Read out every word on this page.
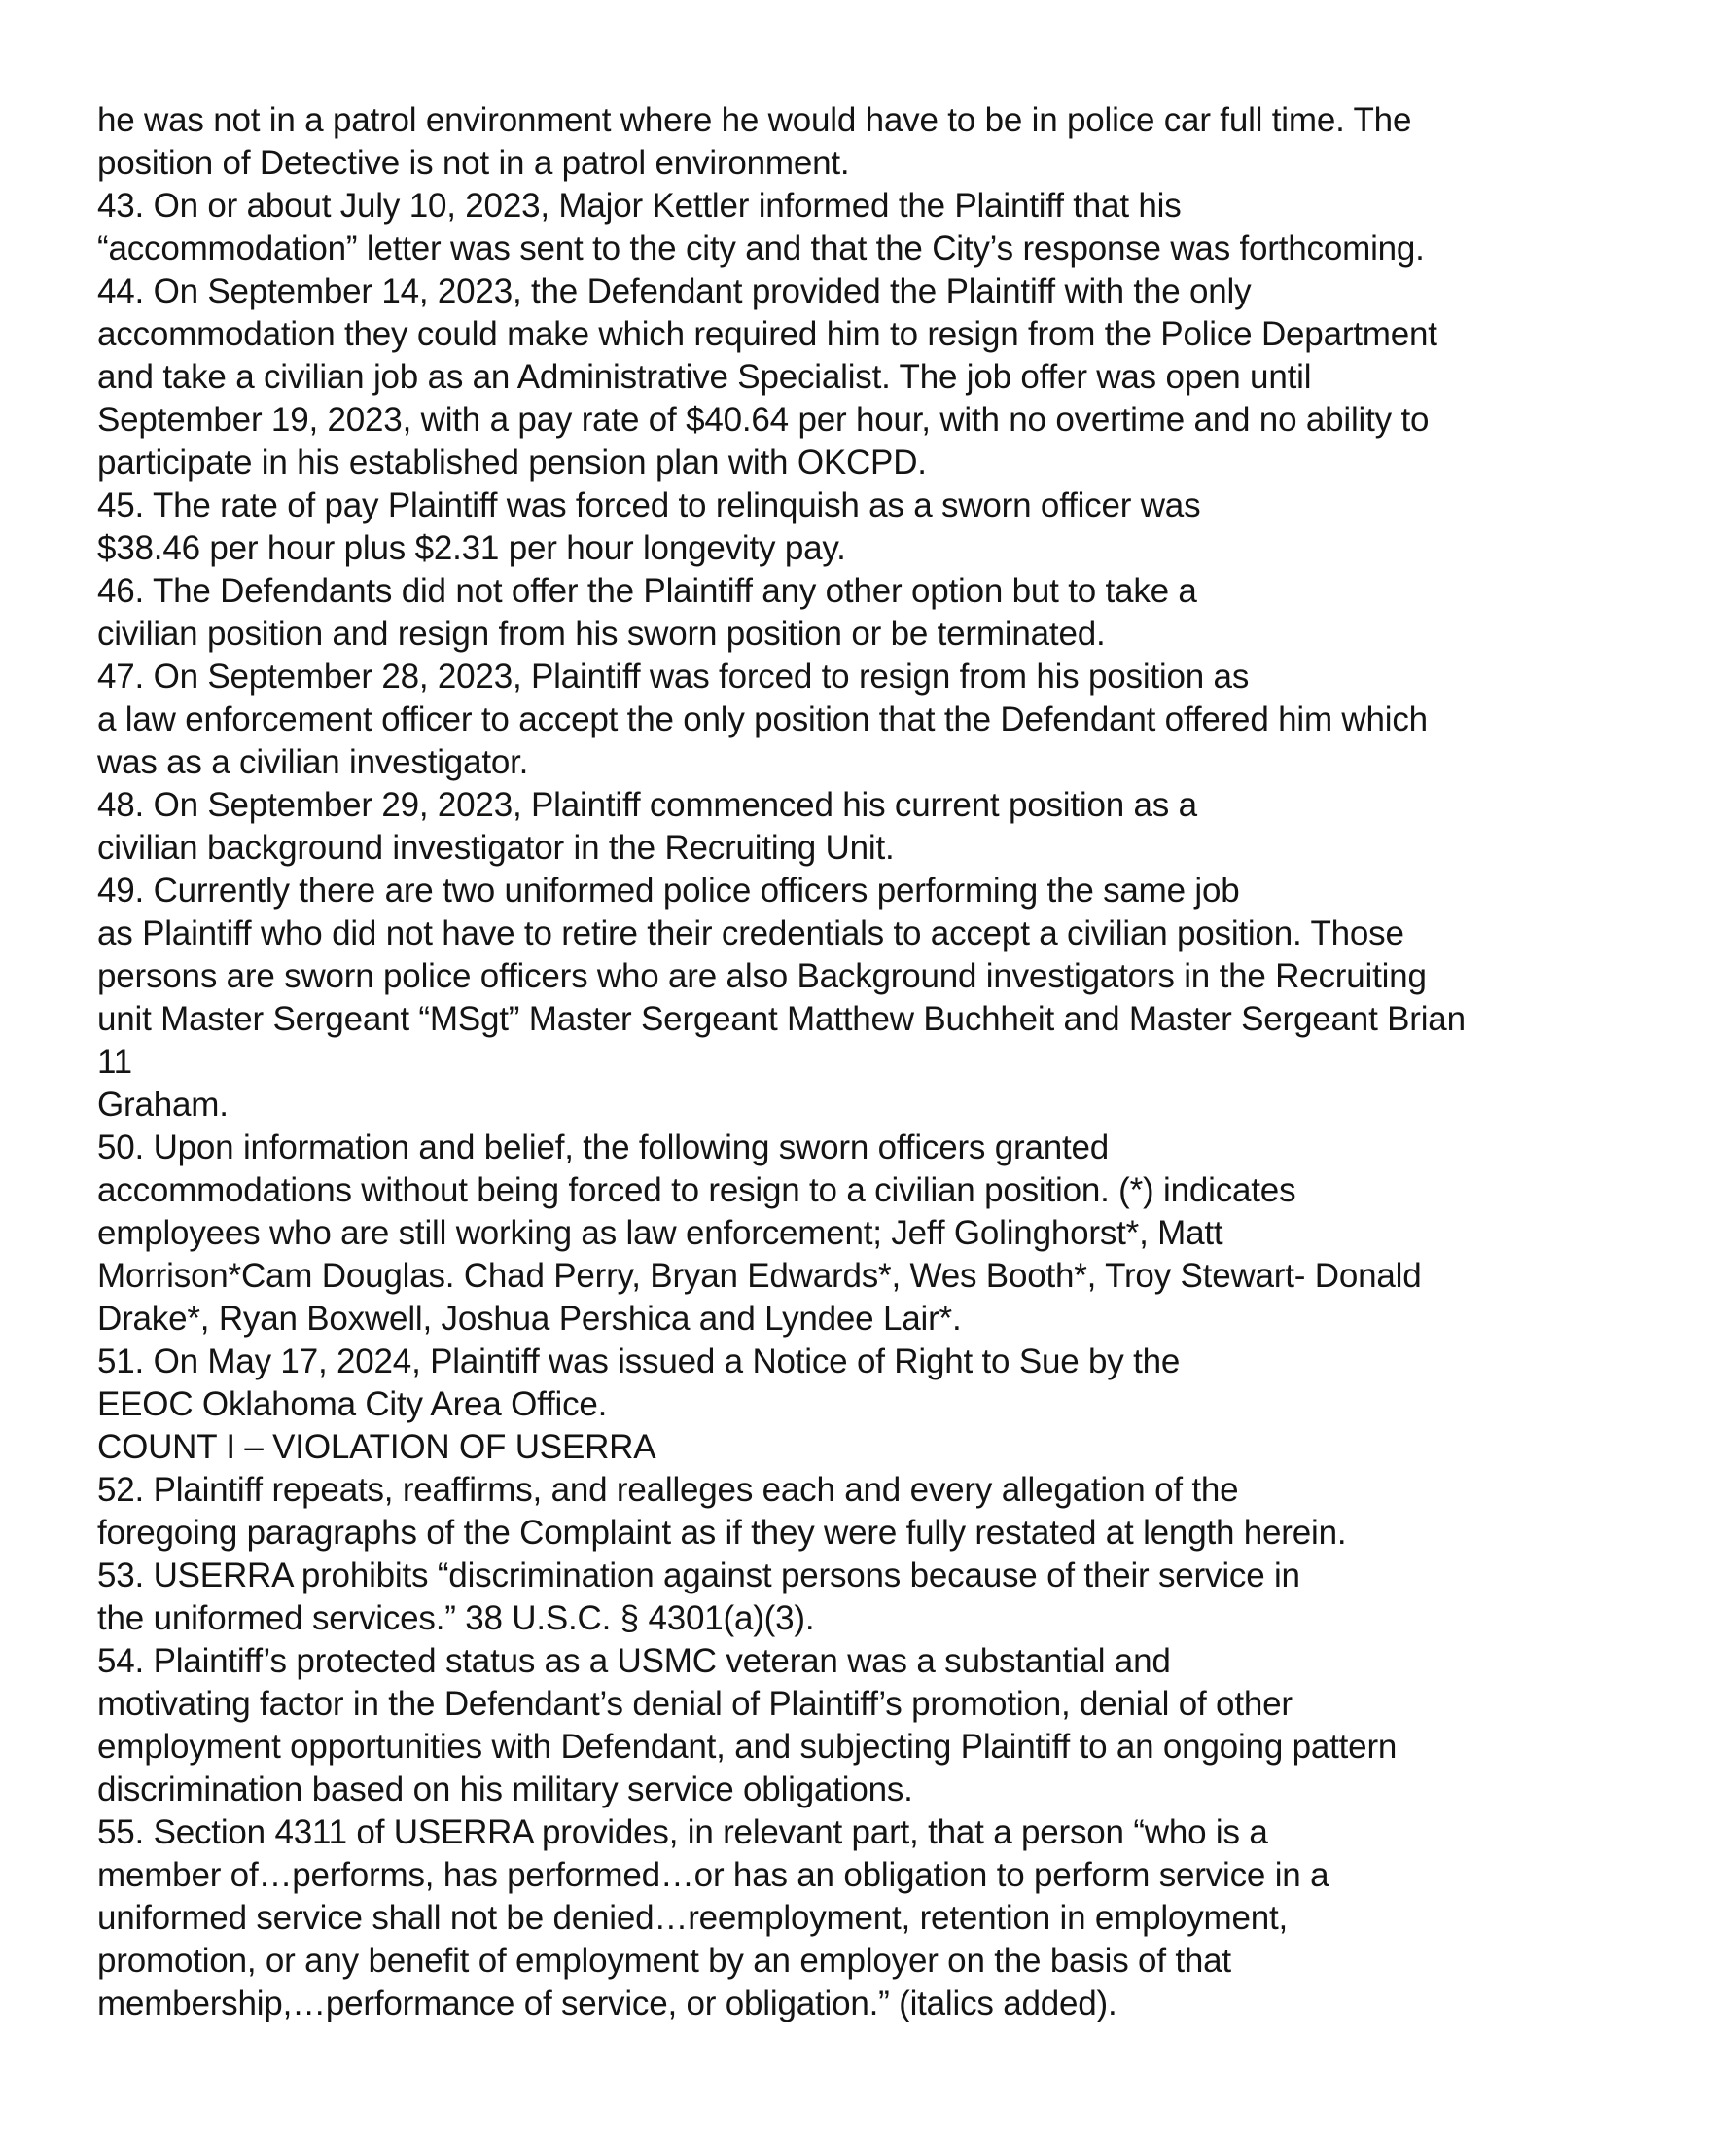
he was not in a patrol environment where he would have to be in police car full time. The
position of Detective is not in a patrol environment.
43. On or about July 10, 2023, Major Kettler informed the Plaintiff that his
“accommodation” letter was sent to the city and that the City’s response was forthcoming.
44. On September 14, 2023, the Defendant provided the Plaintiff with the only
accommodation they could make which required him to resign from the Police Department
and take a civilian job as an Administrative Specialist. The job offer was open until
September 19, 2023, with a pay rate of $40.64 per hour, with no overtime and no ability to
participate in his established pension plan with OKCPD.
45. The rate of pay Plaintiff was forced to relinquish as a sworn officer was
$38.46 per hour plus $2.31 per hour longevity pay.
46. The Defendants did not offer the Plaintiff any other option but to take a
civilian position and resign from his sworn position or be terminated.
47. On September 28, 2023, Plaintiff was forced to resign from his position as
a law enforcement officer to accept the only position that the Defendant offered him which
was as a civilian investigator.
48. On September 29, 2023, Plaintiff commenced his current position as a
civilian background investigator in the Recruiting Unit.
49. Currently there are two uniformed police officers performing the same job
as Plaintiff who did not have to retire their credentials to accept a civilian position. Those
persons are sworn police officers who are also Background investigators in the Recruiting
unit Master Sergeant “MSgt” Master Sergeant Matthew Buchheit and Master Sergeant Brian
11
Graham.
50. Upon information and belief, the following sworn officers granted
accommodations without being forced to resign to a civilian position. (*) indicates
employees who are still working as law enforcement; Jeff Golinghorst*, Matt
Morrison*Cam Douglas. Chad Perry, Bryan Edwards*, Wes Booth*, Troy Stewart- Donald
Drake*, Ryan Boxwell, Joshua Pershica and Lyndee Lair*.
51. On May 17, 2024, Plaintiff was issued a Notice of Right to Sue by the
EEOC Oklahoma City Area Office.
COUNT I – VIOLATION OF USERRA
52. Plaintiff repeats, reaffirms, and realleges each and every allegation of the
foregoing paragraphs of the Complaint as if they were fully restated at length herein.
53. USERRA prohibits “discrimination against persons because of their service in
the uniformed services.” 38 U.S.C. § 4301(a)(3).
54. Plaintiff’s protected status as a USMC veteran was a substantial and
motivating factor in the Defendant’s denial of Plaintiff’s promotion, denial of other
employment opportunities with Defendant, and subjecting Plaintiff to an ongoing pattern
discrimination based on his military service obligations.
55. Section 4311 of USERRA provides, in relevant part, that a person “who is a
member of…performs, has performed…or has an obligation to perform service in a
uniformed service shall not be denied…reemployment, retention in employment,
promotion, or any benefit of employment by an employer on the basis of that
membership,…performance of service, or obligation.” (italics added).
